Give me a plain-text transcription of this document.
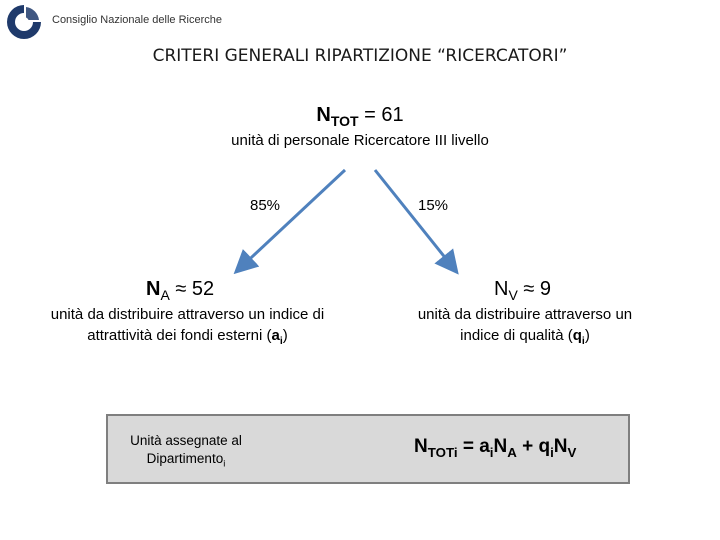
Consiglio Nazionale delle Ricerche
CRITERI GENERALI RIPARTIZIONE “RICERCATORI”
$N_{TOT} = 61$
unità di personale Ricercatore III livello
85%	15%
$N_A \approx 52$
unità da distribuire attraverso un indice di attrattività dei fondi esterni $(a_i)$
$N_V \approx 9$
unità da distribuire attraverso un indice di qualità $(q_i)$
Unità assegnate al Dipartimento$_i$
$N_{TOTi} = a_iN_A + q_iN_V$
